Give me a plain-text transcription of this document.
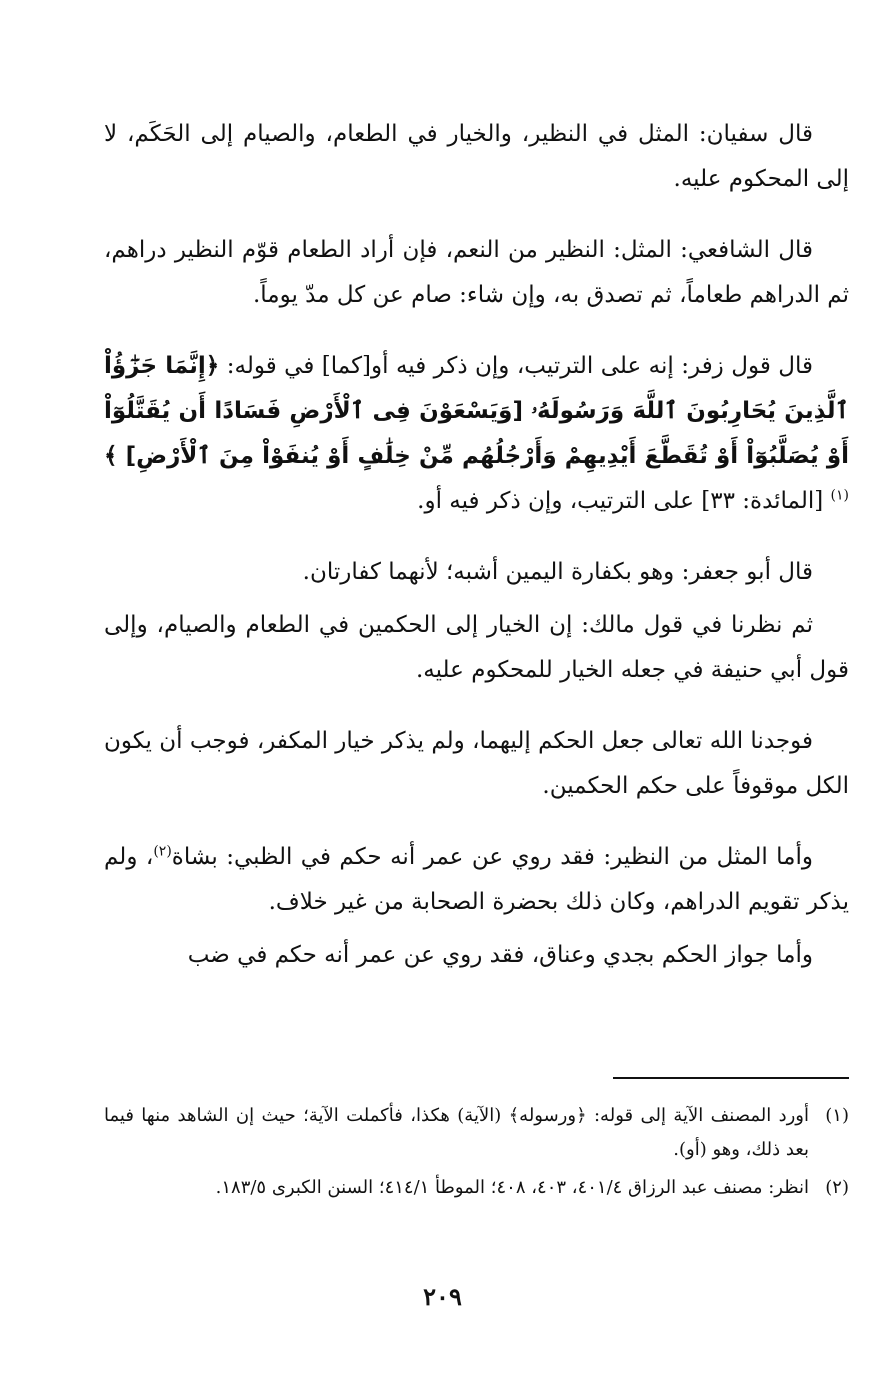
قال سفيان: المثل في النظير، والخيار في الطعام، والصيام إلى الحَكَم، لا إلى المحكوم عليه.

قال الشافعي: المثل: النظير من النعم، فإن أراد الطعام قوّم النظير دراهم، ثم الدراهم طعاماً، ثم تصدق به، وإن شاء: صام عن كل مدّ يوماً.

قال قول زفر: إنه على الترتيب، وإن ذكر فيه أو[كما] في قوله: ﴿إِنَّمَا جَزَٰٓؤُاْ ٱلَّذِينَ يُحَارِبُونَ ٱللَّهَ وَرَسُولَهُۥ [وَيَسْعَوْنَ فِى ٱلْأَرْضِ فَسَادًا أَن يُقَتَّلُوٓاْ أَوْ يُصَلَّبُوٓاْ أَوْ تُقَطَّعَ أَيْدِيهِمْ وَأَرْجُلُهُم مِّنْ خِلَٰفٍ أَوْ يُنفَوْاْ مِنَ ٱلْأَرْضِ] ﴾$^{(١)}$ [المائدة: ٣٣] على الترتيب، وإن ذكر فيه أو.

قال أبو جعفر: وهو بكفارة اليمين أشبه؛ لأنهما كفارتان.

ثم نظرنا في قول مالك: إن الخيار إلى الحكمين في الطعام والصيام، وإلى قول أبي حنيفة في جعله الخيار للمحكوم عليه.

فوجدنا الله تعالى جعل الحكم إليهما، ولم يذكر خيار المكفر، فوجب أن يكون الكل موقوفاً على حكم الحكمين.

وأما المثل من النظير: فقد روي عن عمر أنه حكم في الظبي: بشاة$^{(٢)}$، ولم يذكر تقويم الدراهم، وكان ذلك بحضرة الصحابة من غير خلاف.

وأما جواز الحكم بجدي وعناق، فقد روي عن عمر أنه حكم في ضب

(١)أورد المصنف الآية إلى قوله: ﴿ورسوله﴾ (الآية) هكذا، فأكملت الآية؛ حيث إن الشاهد منها فيما بعد ذلك، وهو (أو).

(٢)انظر: مصنف عبد الرزاق ٤٠١/٤، ٤٠٣، ٤٠٨؛ الموطأ ٤١٤/١؛ السنن الكبرى ١٨٣/٥.

٢٠٩
